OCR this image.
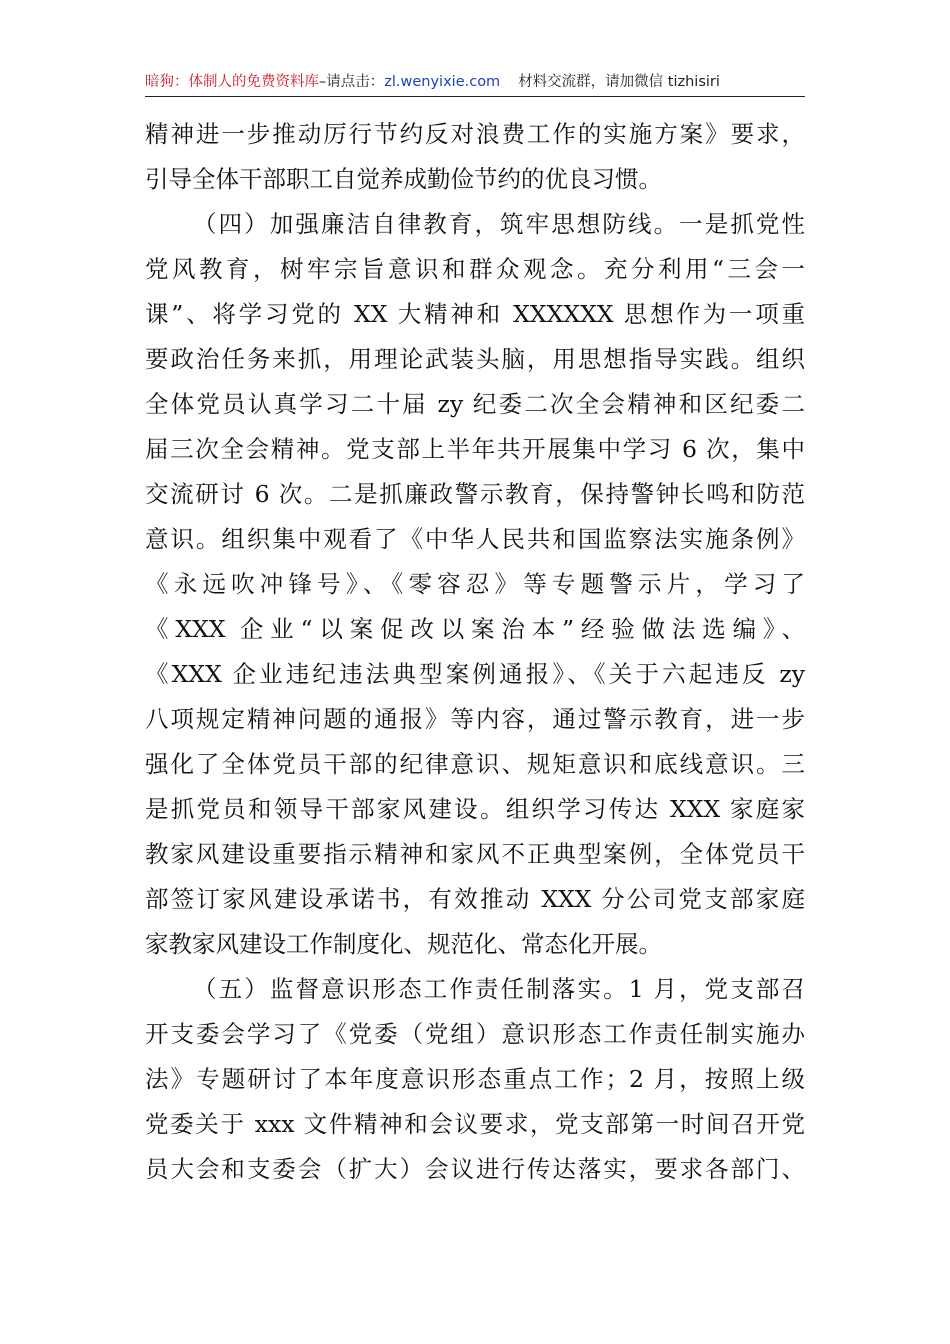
暗狗：体制人的免费资料库–请点击：zl.wenyixie.com 材料交流群，请加微信 tizhisiri
精神进一步推动厉行节约反对浪费工作的实施方案》要求，
引导全体干部职工自觉养成勤俭节约的优良习惯。
（四）加强廉洁自律教育，筑牢思想防线。一是抓党性
党风教育，树牢宗旨意识和群众观念。充分利用“三会一
课”、将学习党的 XX 大精神和 XXXXXX 思想作为一项重
要政治任务来抓，用理论武装头脑，用思想指导实践。组织
全体党员认真学习二十届 zy 纪委二次全会精神和区纪委二
届三次全会精神。党支部上半年共开展集中学习 6 次，集中
交流研讨 6 次。二是抓廉政警示教育，保持警钟长鸣和防范
意识。组织集中观看了《中华人民共和国监察法实施条例》
《永远吹冲锋号》、《零容忍》等专题警示片，学习了
《XXX 企业“以案促改以案治本”经验做法选编》、
《XXX 企业违纪违法典型案例通报》、《关于六起违反 zy
八项规定精神问题的通报》等内容，通过警示教育，进一步
强化了全体党员干部的纪律意识、规矩意识和底线意识。三
是抓党员和领导干部家风建设。组织学习传达 XXX 家庭家
教家风建设重要指示精神和家风不正典型案例，全体党员干
部签订家风建设承诺书，有效推动 XXX 分公司党支部家庭
家教家风建设工作制度化、规范化、常态化开展。
（五）监督意识形态工作责任制落实。1 月，党支部召
开支委会学习了《党委（党组）意识形态工作责任制实施办
法》专题研讨了本年度意识形态重点工作；2 月，按照上级
党委关于 xxx 文件精神和会议要求，党支部第一时间召开党
员大会和支委会（扩大）会议进行传达落实，要求各部门、
